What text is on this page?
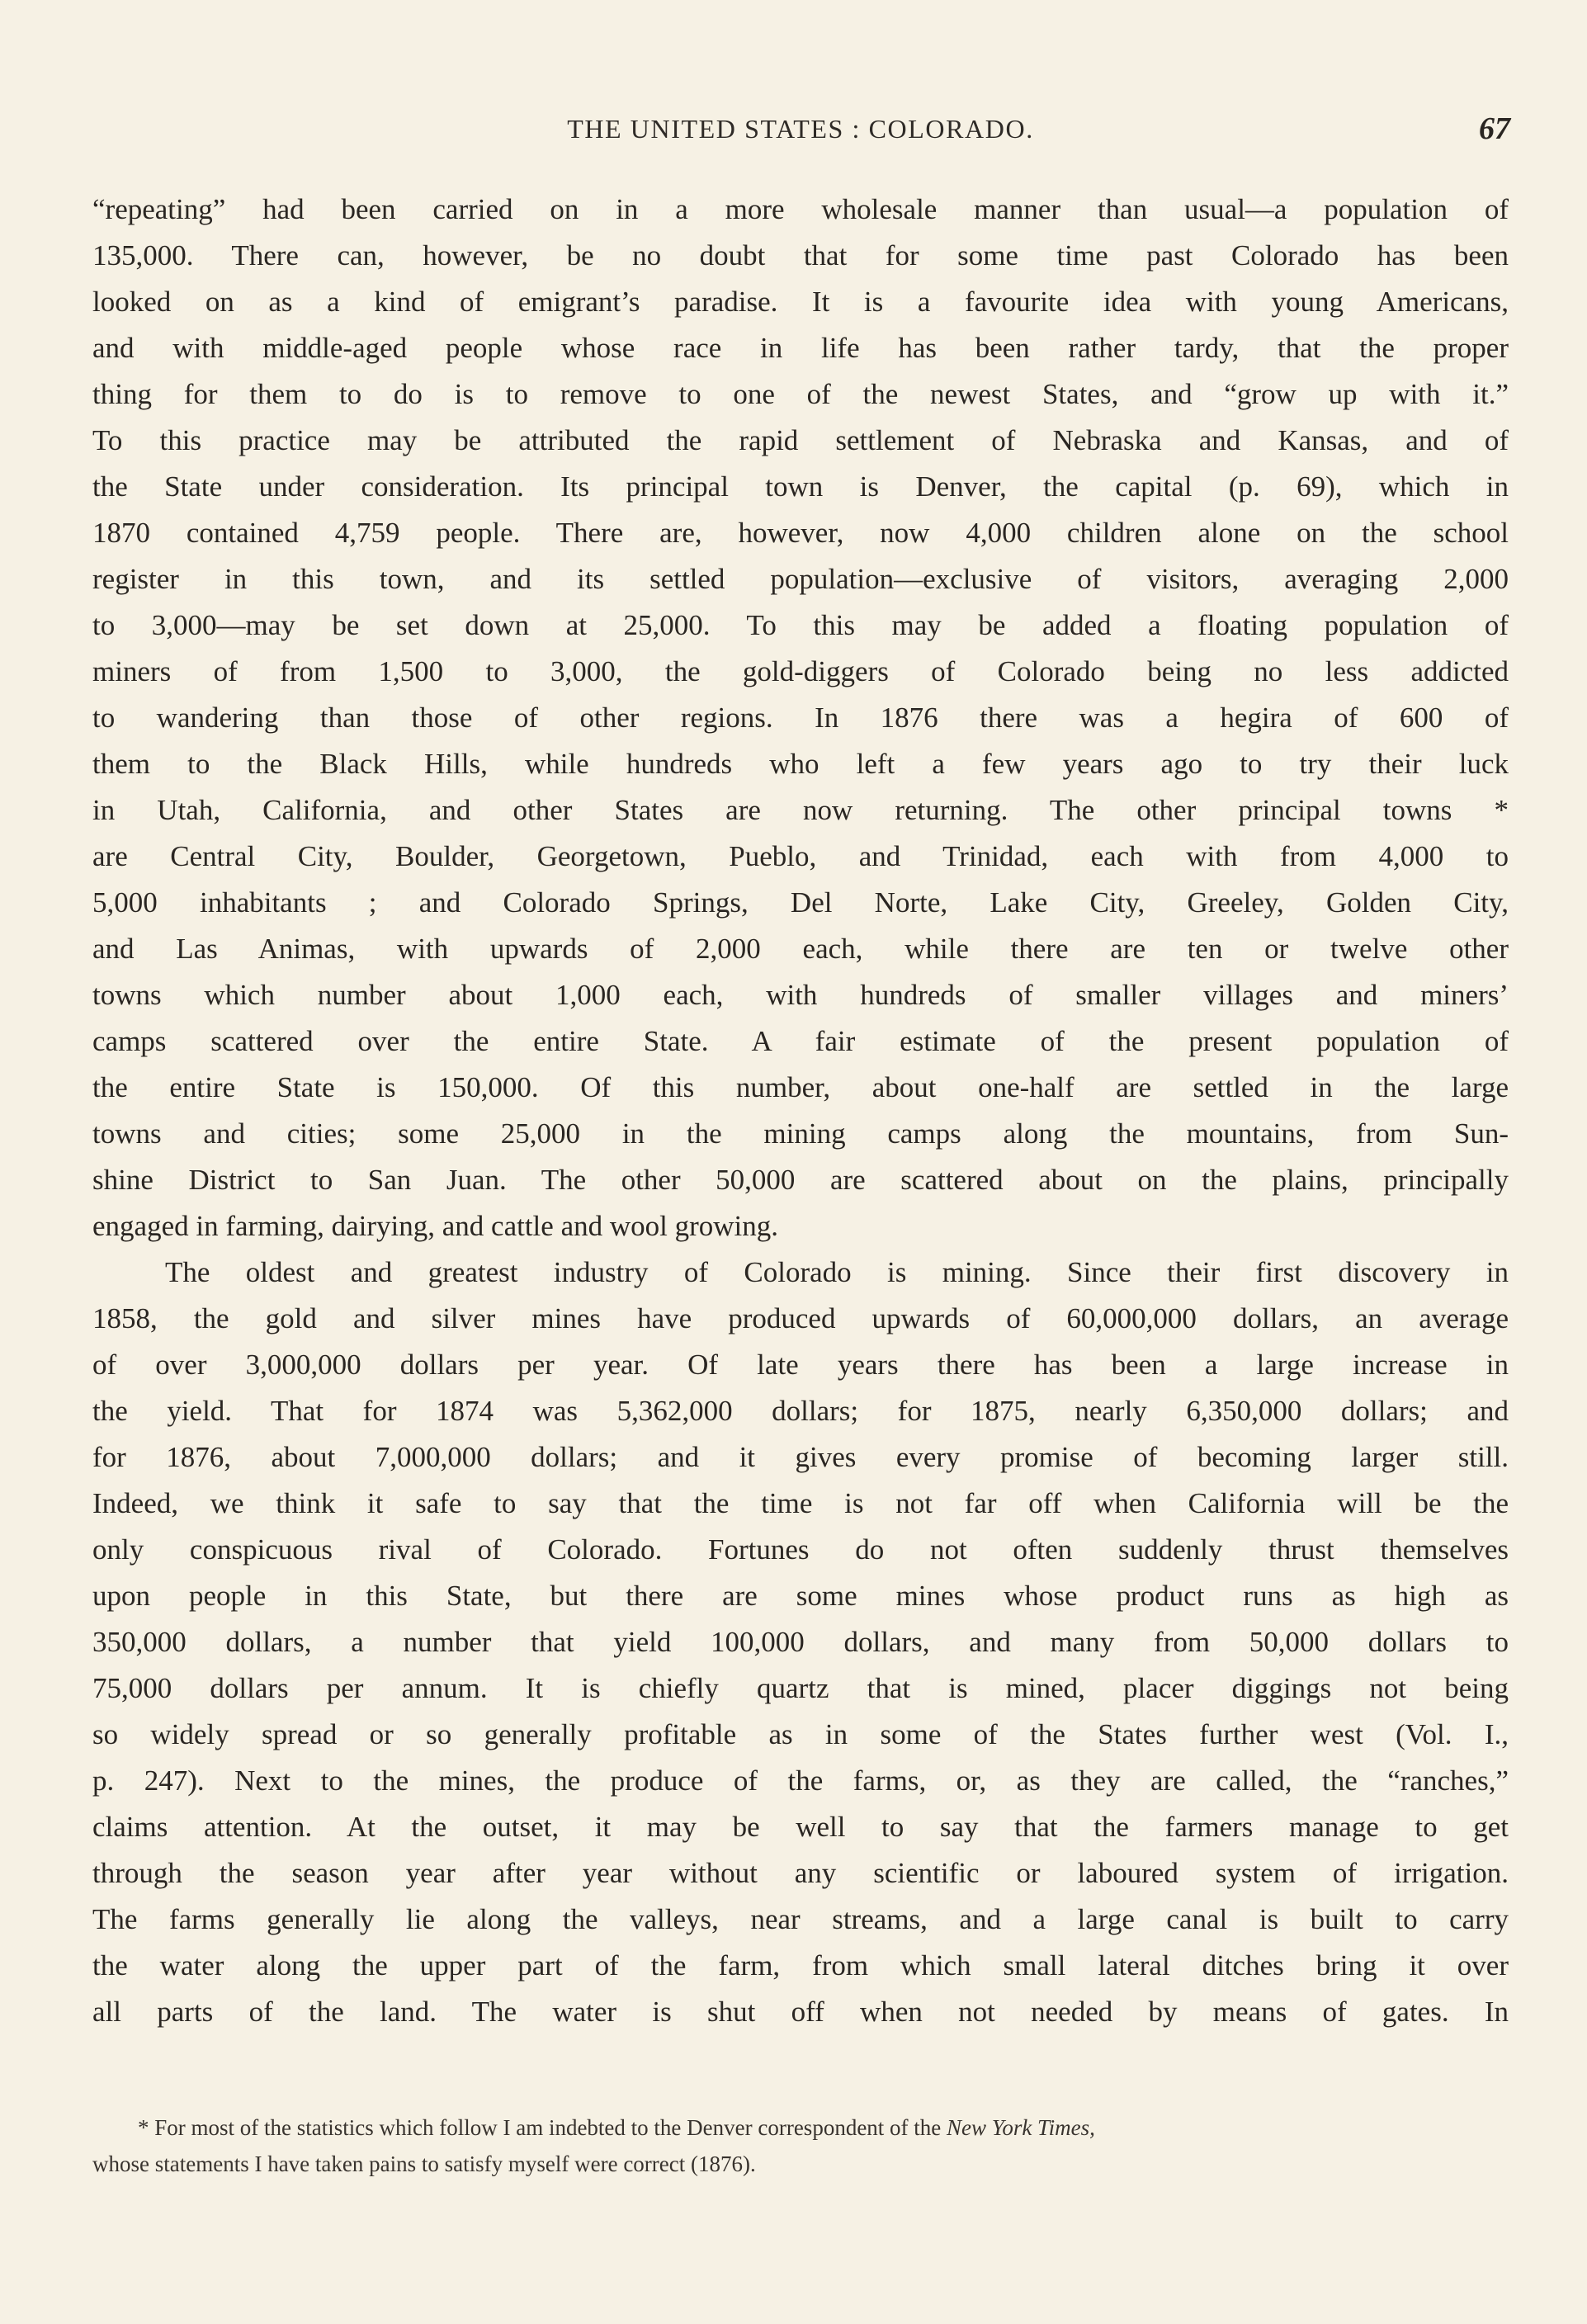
THE UNITED STATES : COLORADO.	67

“repeating” had been carried on in a more wholesale manner than usual—a population of

135,000. There can, however, be no doubt that for some time past Colorado has been

looked on as a kind of emigrant’s paradise. It is a favourite idea with young Americans,

and with middle-aged people whose race in life has been rather tardy, that the proper

thing for them to do is to remove to one of the newest States, and “grow up with it.”

To this practice may be attributed the rapid settlement of Nebraska and Kansas, and of

the State under consideration. Its principal town is Denver, the capital (p. 69), which in

1870 contained 4,759 people. There are, however, now 4,000 children alone on the school

register in this town, and its settled population—exclusive of visitors, averaging 2,000

to 3,000—may be set down at 25,000. To this may be added a floating population of

miners of from 1,500 to 3,000, the gold-diggers of Colorado being no less addicted

to wandering than those of other regions. In 1876 there was a hegira of 600 of

them to the Black Hills, while hundreds who left a few years ago to try their luck

in Utah, California, and other States are now returning. The other principal towns *

are Central City, Boulder, Georgetown, Pueblo, and Trinidad, each with from 4,000 to

5,000 inhabitants ; and Colorado Springs, Del Norte, Lake City, Greeley, Golden City,

and Las Animas, with upwards of 2,000 each, while there are ten or twelve other

towns which number about 1,000 each, with hundreds of smaller villages and miners’

camps scattered over the entire State. A fair estimate of the present population of

the entire State is 150,000. Of this number, about one-half are settled in the large

towns and cities; some 25,000 in the mining camps along the mountains, from Sun-

shine District to San Juan. The other 50,000 are scattered about on the plains, principally

engaged in farming, dairying, and cattle and wool growing.

The oldest and greatest industry of Colorado is mining. Since their first discovery in

1858, the gold and silver mines have produced upwards of 60,000,000 dollars, an average

of over 3,000,000 dollars per year. Of late years there has been a large increase in

the yield. That for 1874 was 5,362,000 dollars; for 1875, nearly 6,350,000 dollars; and

for 1876, about 7,000,000 dollars; and it gives every promise of becoming larger still.

Indeed, we think it safe to say that the time is not far off when California will be the

only conspicuous rival of Colorado. Fortunes do not often suddenly thrust themselves

upon people in this State, but there are some mines whose product runs as high as

350,000 dollars, a number that yield 100,000 dollars, and many from 50,000 dollars to

75,000 dollars per annum. It is chiefly quartz that is mined, placer diggings not being

so widely spread or so generally profitable as in some of the States further west (Vol. I.,

p. 247). Next to the mines, the produce of the farms, or, as they are called, the “ranches,”

claims attention. At the outset, it may be well to say that the farmers manage to get

through the season year after year without any scientific or laboured system of irrigation.

The farms generally lie along the valleys, near streams, and a large canal is built to carry

the water along the upper part of the farm, from which small lateral ditches bring it over

all parts of the land. The water is shut off when not needed by means of gates. In

* For most of the statistics which follow I am indebted to the Denver correspondent of the New York Times,
whose statements I have taken pains to satisfy myself were correct (1876).
